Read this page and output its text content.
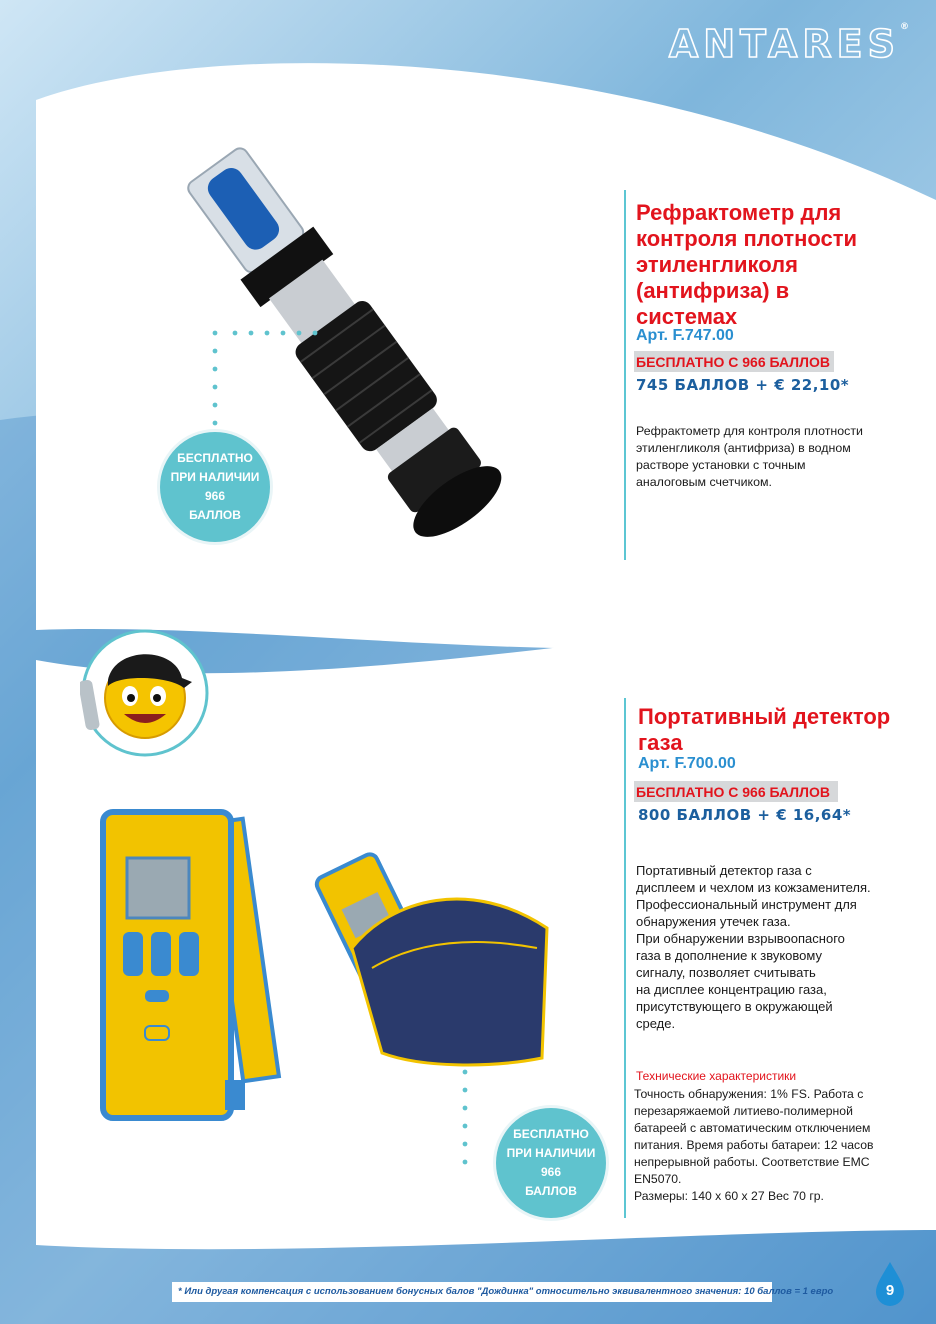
ANTARES®
БЕСПЛАТНО
ПРИ НАЛИЧИИ
966
БАЛЛОВ
Рефрактометр для
контроля плотности
этиленгликоля
(антифриза) в
системах
Арт. F.747.00
БЕСПЛАТНО С 966 БАЛЛОВ
745 БАЛЛОВ + € 22,10*
Рефрактометр для контроля плотности
этиленгликоля (антифриза) в водном
растворе установки с точным
аналоговым счетчиком.
БЕСПЛАТНО
ПРИ НАЛИЧИИ
966
БАЛЛОВ
Портативный детектор
газа
Арт. F.700.00
БЕСПЛАТНО С 966 БАЛЛОВ
800 БАЛЛОВ + € 16,64*
Портативный детектор газа с
дисплеем и чехлом из кожзаменителя.
Профессиональный инструмент для
обнаружения утечек газа.
При обнаружении взрывоопасного
газа в дополнение к звуковому
сигналу, позволяет считывать
на дисплее концентрацию газа,
присутствующего в окружающей
среде.
Технические характеристики
Точность обнаружения: 1% FS. Работа с
перезаряжаемой литиево-полимерной
батареей с автоматическим отключением
питания. Время работы батареи: 12 часов
непрерывной работы. Соответствие EMC
EN5070.
Размеры: 140 x 60 x 27 Вес 70 гр.
* Или другая компенсация с использованием бонусных балов "Дождинка" относительно эквивалентного значения: 10 баллов = 1 евро	9
